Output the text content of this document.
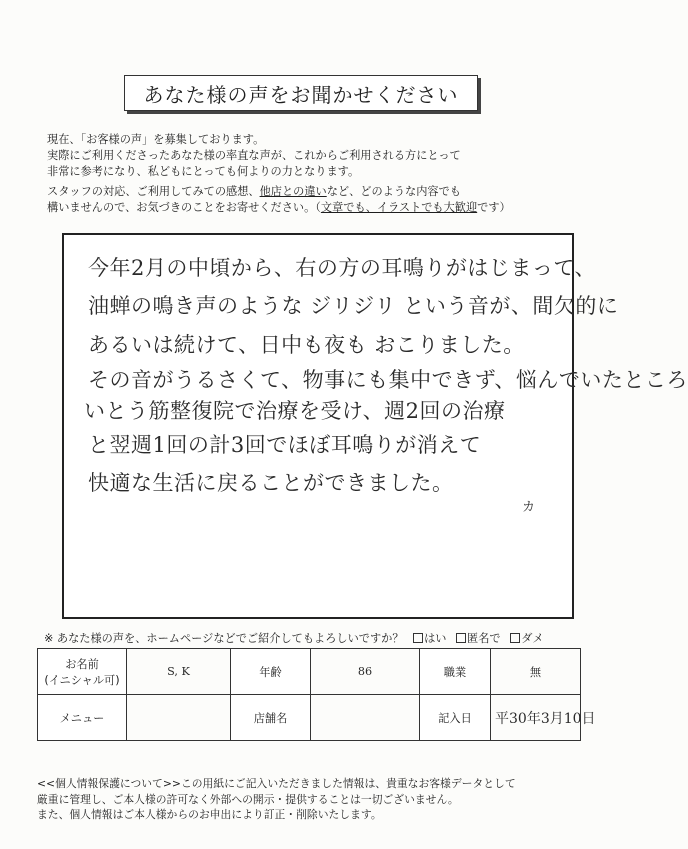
あなた様の声をお聞かせください
現在、「お客様の声」を募集しております。
実際にご利用くださったあなた様の率直な声が、これからご利用される方にとって
非常に参考になり、私どもにとっても何よりの力となります。
スタッフの対応、ご利用してみての感想、他店との違いなど、どのような内容でも
構いませんので、お気づきのことをお寄せください。（文章でも、イラストでも大歓迎です）
今年2月の中頃から、右の方の耳鳴りがはじまって、
油蝉の鳴き声のような ジリジリ という音が、間欠的に
あるいは続けて、日中も夜も おこりました。
その音がうるさくて、物事にも集中できず、悩んでいたところ
いとう筋整復院で治療を受け、週2回の治療
と翌週1回の計3回でほぼ耳鳴りが消えて
快適な生活に戻ることができました。
カ
※ あなた様の声を、ホームページなどでご紹介してもよろしいですか？ はい 匿名で ダメ
お名前
(イニシャル可)	S, K	年齢	86	職業	無
メニュー		店舗名		記入日	平30年3月10日
<<個人情報保護について>>この用紙にご記入いただきました情報は、貴重なお客様データとして
厳重に管理し、ご本人様の許可なく外部への開示・提供することは一切ございません。
また、個人情報はご本人様からのお申出により訂正・削除いたします。
